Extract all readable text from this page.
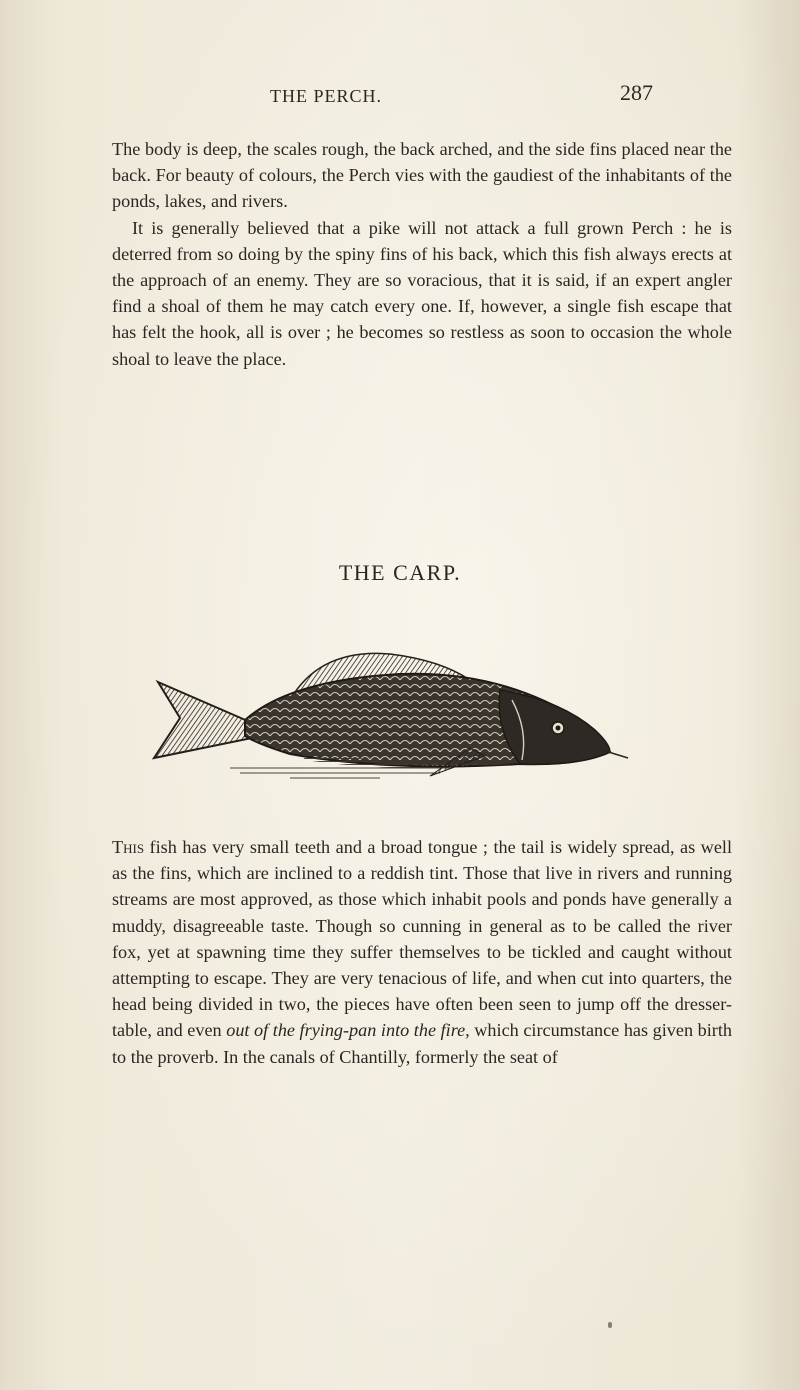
THE PERCH.	287

The body is deep, the scales rough, the back arched, and the side fins placed near the back. For beauty of colours, the Perch vies with the gaudiest of the inhabitants of the ponds, lakes, and rivers.

It is generally believed that a pike will not attack a full grown Perch : he is deterred from so doing by the spiny fins of his back, which this fish always erects at the approach of an enemy. They are so voracious, that it is said, if an expert angler find a shoal of them he may catch every one. If, however, a single fish escape that has felt the hook, all is over ; he becomes so restless as soon to occasion the whole shoal to leave the place.

THE CARP.

This fish has very small teeth and a broad tongue ; the tail is widely spread, as well as the fins, which are inclined to a reddish tint. Those that live in rivers and running streams are most approved, as those which inhabit pools and ponds have generally a muddy, disagreeable taste. Though so cunning in general as to be called the river fox, yet at spawning time they suffer themselves to be tickled and caught without attempting to escape. They are very tenacious of life, and when cut into quarters, the head being divided in two, the pieces have often been seen to jump off the dresser-table, and even out of the frying-pan into the fire, which circumstance has given birth to the proverb. In the canals of Chantilly, formerly the seat of
